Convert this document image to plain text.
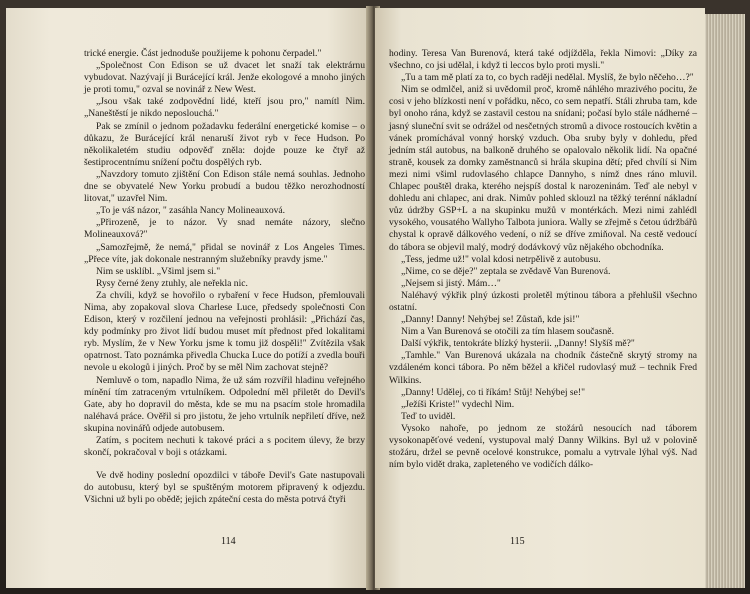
trické energie. Část jednoduše použijeme k pohonu čerpadel."

„Společnost Con Edison se už dvacet let snaží tak elektrárnu vybudovat. Nazývají ji Burácející král. Jenže ekologové a mnoho jiných je proti tomu," ozval se novinář z New West.

„Jsou však také zodpovědní lidé, kteří jsou pro," namítl Nim. „Naneštěstí je nikdo neposlouchá."

Pak se zmínil o jednom požadavku federální energetické komise – o důkazu, že Burácející král nenaruší život ryb v řece Hudson. Po několikaletém studiu odpověď zněla: dojde pouze ke čtyř až šestiprocentnímu snížení počtu dospělých ryb.

„Navzdory tomuto zjištění Con Edison stále nemá souhlas. Jednoho dne se obyvatelé New Yorku probudí a budou těžko nerozhodností litovat," uzavřel Nim.

„To je váš názor, " zasáhla Nancy Molineauxová.

„Přirozeně, je to názor. Vy snad nemáte názory, slečno Molineauxová?"

„Samozřejmě, že nemá," přidal se novinář z Los Angeles Times. „Přece víte, jak dokonale nestranným služebníky pravdy jsme."

Nim se usklíbl. „Všiml jsem si."

Rysy černé ženy ztuhly, ale neřekla nic.

Za chvíli, když se hovořilo o rybaření v řece Hudson, přemlouvali Nima, aby zopakoval slova Charlese Luce, předsedy společnosti Con Edison, který v rozčilení jednou na veřejnosti prohlásil: „Přichází čas, kdy podmínky pro život lidí budou muset mít přednost před lokalitami ryb. Myslím, že v New Yorku jsme k tomu již dospěli!" Zvítězila však opatrnost. Tato poznámka přivedla Chucka Luce do potíží a zvedla bouři nevole u ekologů i jiných. Proč by se měl Nim zachovat stejně?

Nemluvě o tom, napadlo Nima, že už sám rozvířil hladinu veřejného mínění tím zatraceným vrtulníkem. Odpolední měl přiletět do Devil's Gate, aby ho dopravil do města, kde se mu na psacím stole hromadila naléhavá práce. Ověřil si pro jistotu, že jeho vrtulník nepřiletí dříve, než skupina novinářů odjede autobusem.

Zatím, s pocitem nechuti k takové práci a s pocitem úlevy, že brzy skončí, pokračoval v boji s otázkami.

Ve dvě hodiny poslední opozdilci v táboře Devil's Gate nastupovali do autobusu, který byl se spuštěným motorem připravený k odjezdu. Všichni už byli po obědě; jejich zpáteční cesta do města potrvá čtyři

114

hodiny. Teresa Van Burenová, která také odjížděla, řekla Nimovi: „Díky za všechno, co jsi udělal, i když ti leccos bylo proti mysli."

„Tu a tam mě platí za to, co bych raději nedělal. Myslíš, že bylo něčeho…?"

Nim se odmlčel, aniž si uvědomil proč, kromě náhlého mrazivého pocitu, že cosi v jeho blízkosti není v pořádku, něco, co sem nepatří. Stáli zhruba tam, kde byl onoho rána, když se zastavil cestou na snídani; počasí bylo stále nádherné – jasný sluneční svit se odrážel od nesčetných stromů a divoce rostoucích květin a vánek promíchával vonný horský vzduch. Oba sruby byly v dohledu, před jedním stál autobus, na balkoně druhého se opalovalo několik lidí. Na opačné straně, kousek za domky zaměstnanců si hrála skupina dětí; před chvílí si Nim mezi nimi všiml rudovlasého chlapce Dannyho, s nímž dnes ráno mluvil. Chlapec pouštěl draka, kterého nejspíš dostal k narozeninám. Teď ale nebyl v dohledu ani chlapec, ani drak. Nimův pohled sklouzl na těžký terénní nákladní vůz údržby GSP+L a na skupinku mužů v montérkách. Mezi nimi zahlédl vysokého, vousatého Wallyho Talbota juniora. Wally se zřejmě s četou údržbářů chystal k opravě dálkového vedení, o níž se dříve zmiňoval. Na cestě vedoucí do tábora se objevil malý, modrý dodávkový vůz nějakého obchodníka.

„Tess, jedme už!" volal kdosi netrpělivě z autobusu.

„Nime, co se děje?" zeptala se zvědavě Van Burenová.

„Nejsem si jistý. Mám…"

Naléhavý výkřik plný úzkosti proletěl mýtinou tábora a přehlušil všechno ostatní.

„Danny! Danny! Nehýbej se! Zůstaň, kde jsi!"

Nim a Van Burenová se otočili za tím hlasem současně.

Další výkřik, tentokráte blízký hysterii. „Danny! Slyšíš mě?"

„Tamhle." Van Burenová ukázala na chodník částečně skrytý stromy na vzdáleném konci tábora. Po něm běžel a křičel rudovlasý muž – technik Fred Wilkins.

„Danny! Udělej, co ti říkám! Stůj! Nehýbej se!"

„Ježíši Kriste!" vydechl Nim.

Teď to uviděl.

Vysoko nahoře, po jednom ze stožárů nesoucích nad táborem vysokonapěťové vedení, vystupoval malý Danny Wilkins. Byl už v polovině stožáru, držel se pevně ocelové konstrukce, pomalu a vytrvale lýhal výš. Nad ním bylo vidět draka, zapleteného ve vodičích dálko-

115
